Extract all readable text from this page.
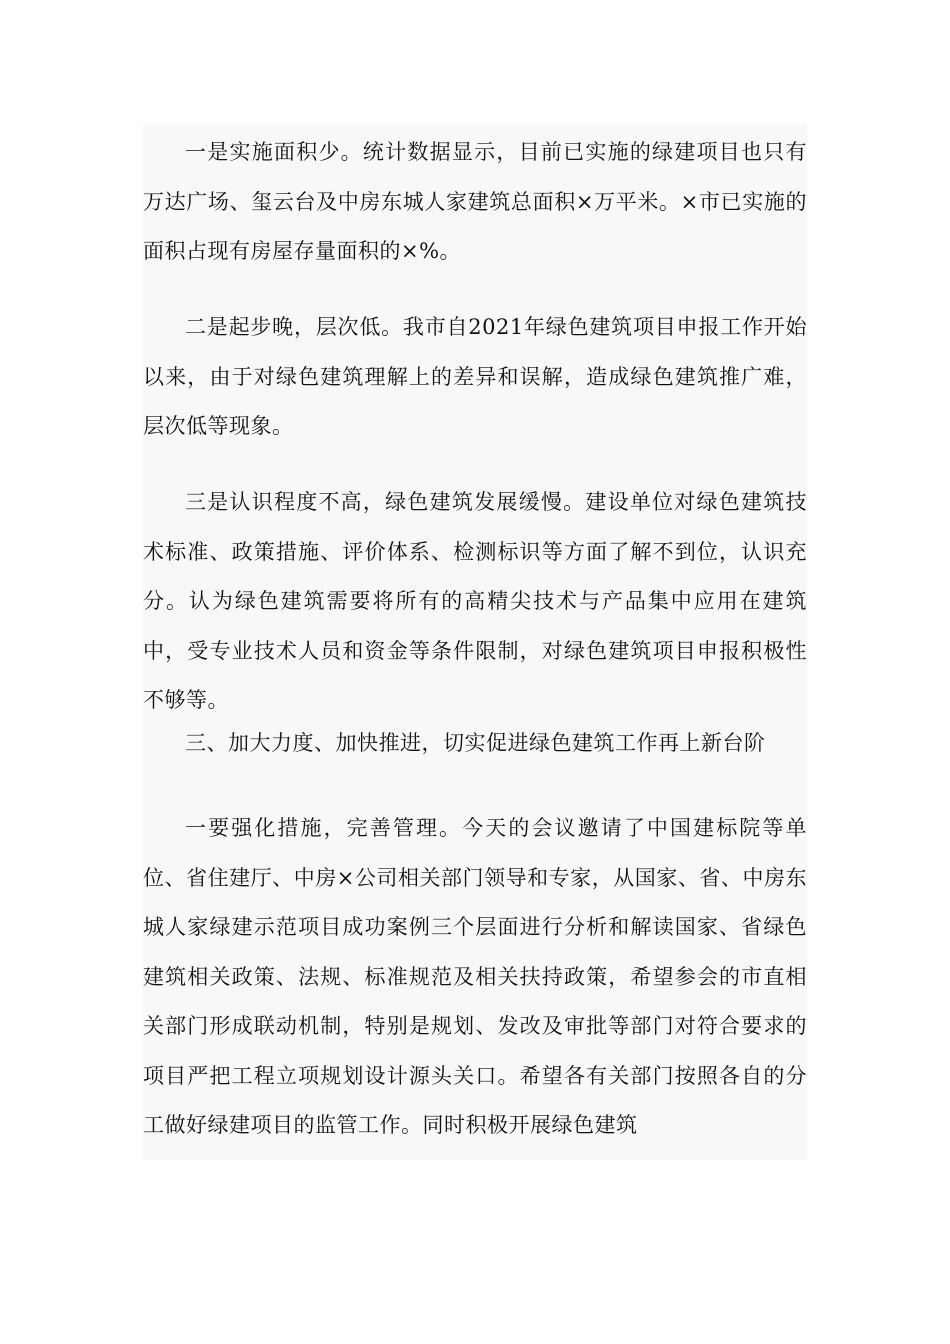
一是实施面积少。统计数据显示，目前已实施的绿建项目也只有万达广场、玺云台及中房东城人家建筑总面积×万平米。×市已实施的面积占现有房屋存量面积的×%。

二是起步晚，层次低。我市自2021年绿色建筑项目申报工作开始以来，由于对绿色建筑理解上的差异和误解，造成绿色建筑推广难，层次低等现象。

三是认识程度不高，绿色建筑发展缓慢。建设单位对绿色建筑技术标准、政策措施、评价体系、检测标识等方面了解不到位，认识充分。认为绿色建筑需要将所有的高精尖技术与产品集中应用在建筑中，受专业技术人员和资金等条件限制，对绿色建筑项目申报积极性不够等。

三、加大力度、加快推进，切实促进绿色建筑工作再上新台阶

一要强化措施，完善管理。今天的会议邀请了中国建标院等单位、省住建厅、中房×公司相关部门领导和专家，从国家、省、中房东城人家绿建示范项目成功案例三个层面进行分析和解读国家、省绿色建筑相关政策、法规、标准规范及相关扶持政策，希望参会的市直相关部门形成联动机制，特别是规划、发改及审批等部门对符合要求的项目严把工程立项规划设计源头关口。希望各有关部门按照各自的分工做好绿建项目的监管工作。同时积极开展绿色建筑
